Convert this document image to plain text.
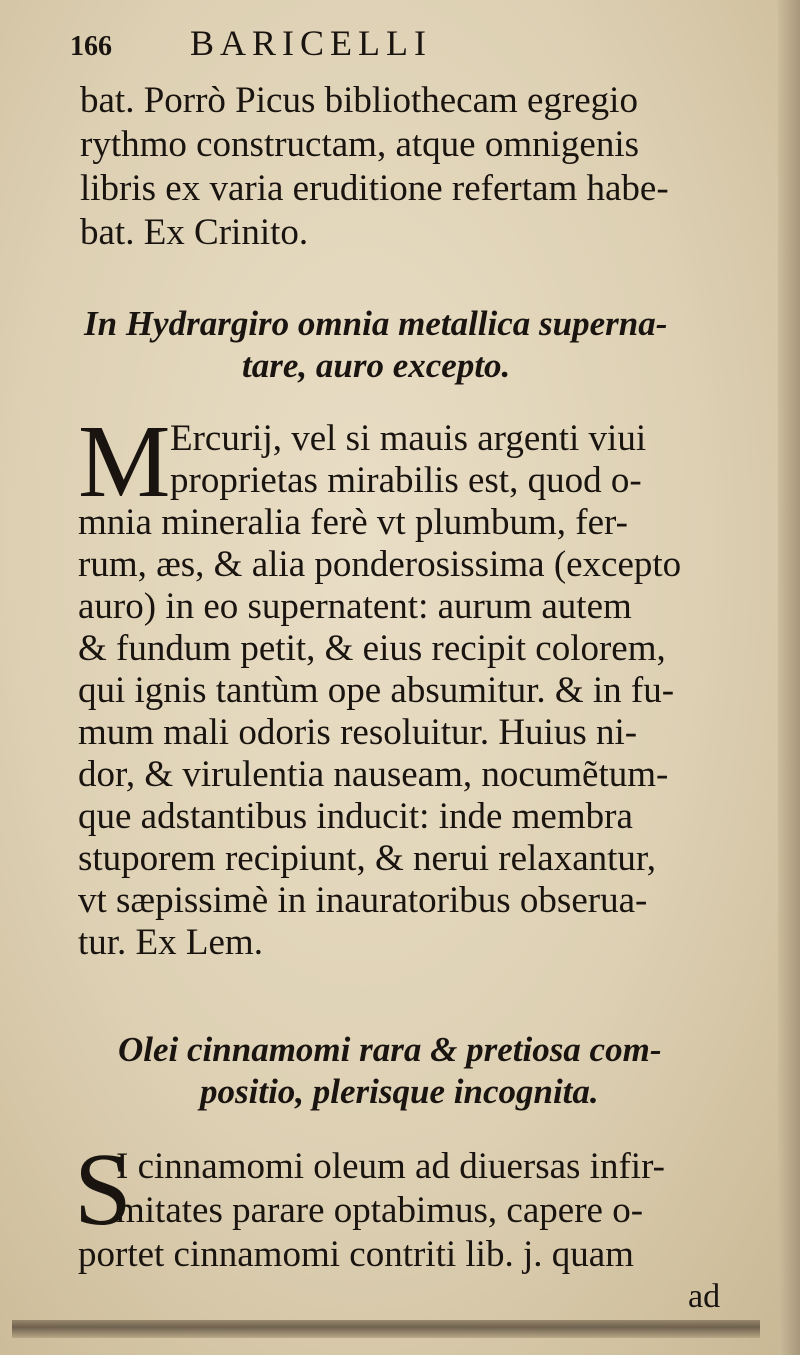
166 BARICELLI
bat. Porrò Picus bibliothecam egregio
rythmo constructam, atque omnigenis
libris ex varia eruditione refertam habe-
bat. Ex Crinito.
In Hydrargiro omnia metallica superna-
tare, auro excepto.
M Ercurij, vel si mauis argenti viui
proprietas mirabilis est, quod o-
mnia mineralia ferè vt plumbum, fer-
rum, æs, & alia ponderosissima (excepto
auro) in eo supernatent: aurum autem
& fundum petit, & eius recipit colorem,
qui ignis tantùm ope absumitur. & in fu-
mum mali odoris resoluitur. Huius ni-
dor, & virulentia nauseam, nocumẽtum-
que adstantibus inducit: inde membra
stuporem recipiunt, & nerui relaxantur,
vt sæpissimè in inauratoribus obserua-
tur. Ex Lem.
Olei cinnamomi rara & pretiosa com-
positio, plerisque incognita.
S
I cinnamomi oleum ad diuersas infir-
mitates parare optabimus, capere o-
portet cinnamomi contriti lib. j. quam
ad
